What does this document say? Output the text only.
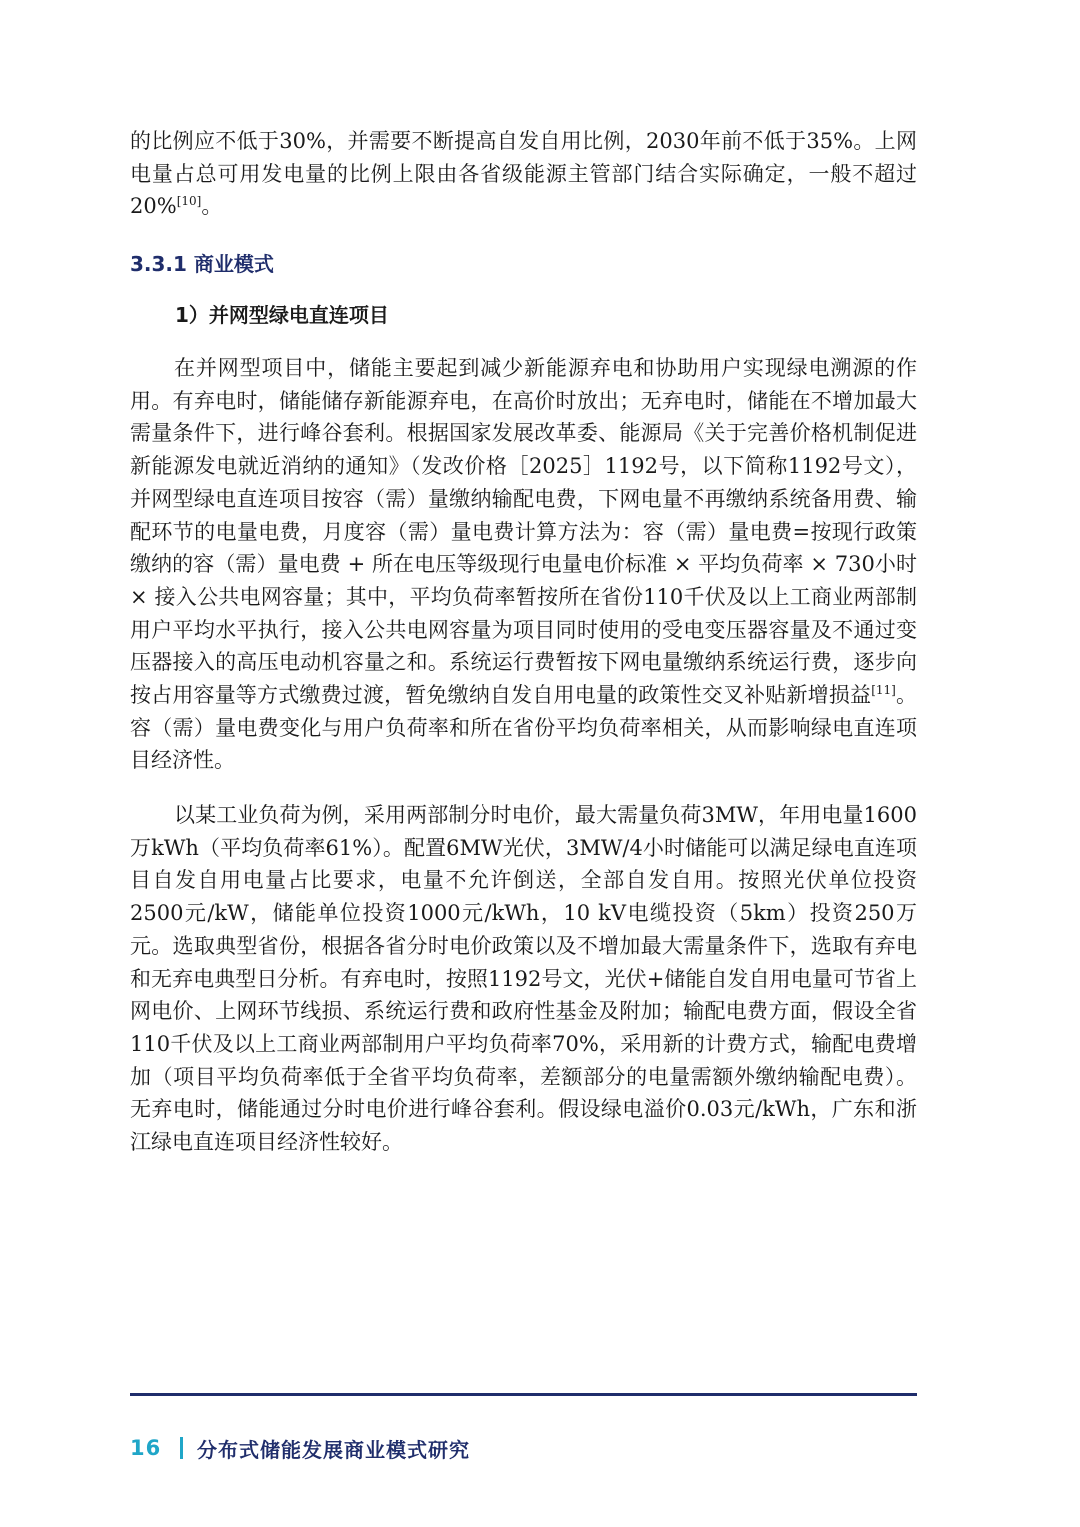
的比例应不低于30%，并需要不断提高自发自用比例，2030年前不低于35%。上网电量占总可用发电量的比例上限由各省级能源主管部门结合实际确定，一般不超过20%[10]。

3.3.1 商业模式
1）并网型绿电直连项目

在并网型项目中，储能主要起到减少新能源弃电和协助用户实现绿电溯源的作用。有弃电时，储能储存新能源弃电，在高价时放出；无弃电时，储能在不增加最大需量条件下，进行峰谷套利。根据国家发展改革委、能源局《关于完善价格机制促进新能源发电就近消纳的通知》（发改价格［2025］1192号，以下简称1192号文），并网型绿电直连项目按容（需）量缴纳输配电费，下网电量不再缴纳系统备用费、输配环节的电量电费，月度容（需）量电费计算方法为：容（需）量电费=按现行政策缴纳的容（需）量电费 + 所在电压等级现行电量电价标准 × 平均负荷率 × 730小时 × 接入公共电网容量；其中，平均负荷率暂按所在省份110千伏及以上工商业两部制用户平均水平执行，接入公共电网容量为项目同时使用的受电变压器容量及不通过变压器接入的高压电动机容量之和。系统运行费暂按下网电量缴纳系统运行费，逐步向按占用容量等方式缴费过渡，暂免缴纳自发自用电量的政策性交叉补贴新增损益[11]。容（需）量电费变化与用户负荷率和所在省份平均负荷率相关，从而影响绿电直连项目经济性。

以某工业负荷为例，采用两部制分时电价，最大需量负荷3MW，年用电量1600万kWh（平均负荷率61%）。配置6MW光伏，3MW/4小时储能可以满足绿电直连项目自发自用电量占比要求，电量不允许倒送，全部自发自用。按照光伏单位投资2500元/kW，储能单位投资1000元/kWh，10 kV电缆投资（5km）投资250万元。选取典型省份，根据各省分时电价政策以及不增加最大需量条件下，选取有弃电和无弃电典型日分析。有弃电时，按照1192号文，光伏+储能自发自用电量可节省上网电价、上网环节线损、系统运行费和政府性基金及附加；输配电费方面，假设全省110千伏及以上工商业两部制用户平均负荷率70%，采用新的计费方式，输配电费增加（项目平均负荷率低于全省平均负荷率，差额部分的电量需额外缴纳输配电费）。无弃电时，储能通过分时电价进行峰谷套利。假设绿电溢价0.03元/kWh，广东和浙江绿电直连项目经济性较好。

16	分布式储能发展商业模式研究
